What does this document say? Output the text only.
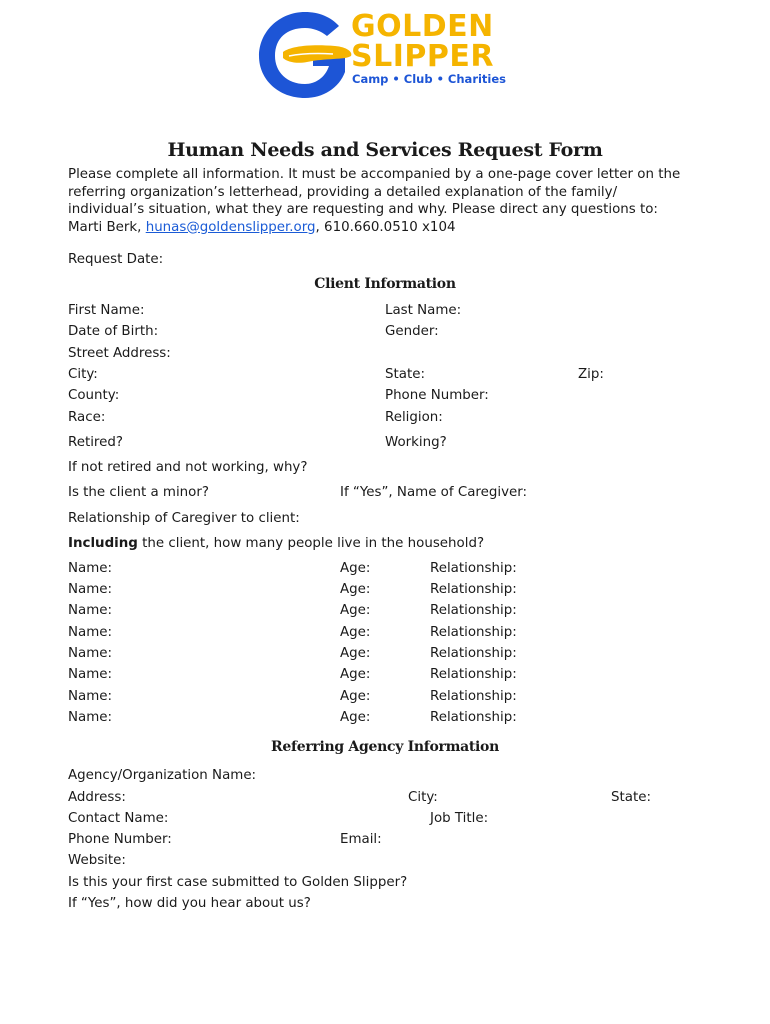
GOLDEN
SLIPPER
Camp • Club • Charities
Human Needs and Services Request Form

Please complete all information. It must be accompanied by a one-page cover letter on the

referring organization’s letterhead, providing a detailed explanation of the family/

individual’s situation, what they are requesting and why. Please direct any questions to:

Marti Berk, hunas@goldenslipper.org, 610.660.0510 x104

Request Date:
Client Information
First Name:	Last Name:
Date of Birth:	Gender:
Street Address:
City:	State:	Zip:
County:	Phone Number:
Race:	Religion:
Retired?	Working?
If not retired and not working, why?
Is the client a minor?	If “Yes”, Name of Caregiver:
Relationship of Caregiver to client:
Including the client, how many people live in the household?
Name:	Age:	Relationship:
Name:	Age:	Relationship:
Name:	Age:	Relationship:
Name:	Age:	Relationship:
Name:	Age:	Relationship:
Name:	Age:	Relationship:
Name:	Age:	Relationship:
Name:	Age:	Relationship:
Referring Agency Information
Agency/Organization Name:
Address:	City:	State:
Contact Name:	Job Title:
Phone Number:	Email:
Website:
Is this your first case submitted to Golden Slipper?
If “Yes”, how did you hear about us?
